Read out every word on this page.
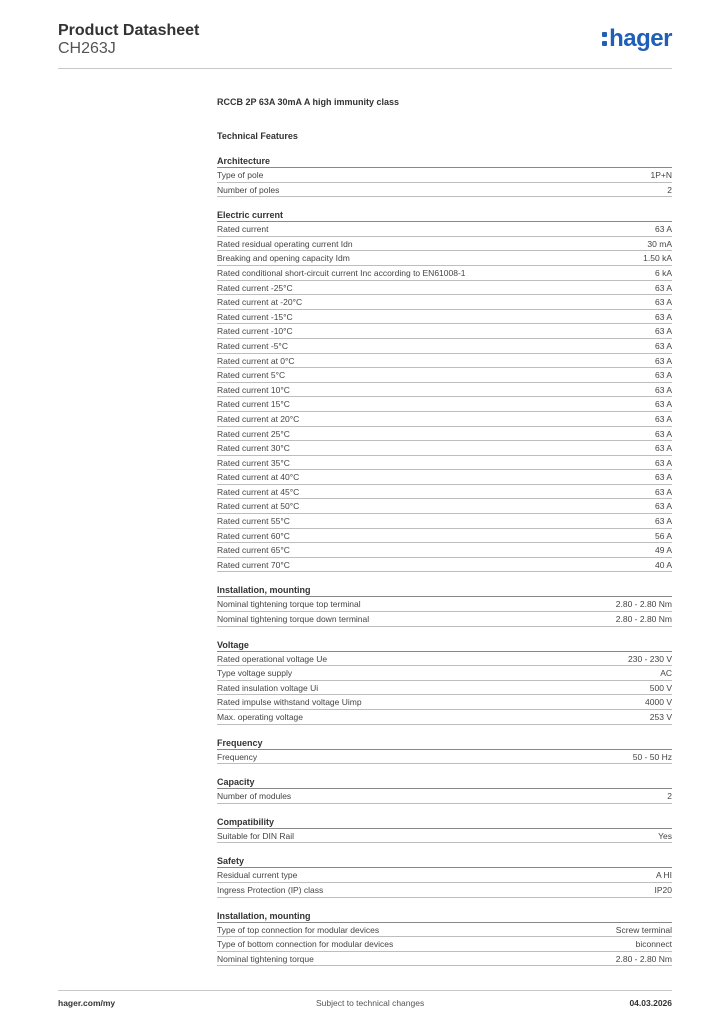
Product Datasheet
CH263J	hager
RCCB 2P 63A 30mA A high immunity class
Technical Features
Architecture
Type of pole	1P+N
Number of poles	2
Electric current
Rated current	63 A
Rated residual operating current Idn	30 mA
Breaking and opening capacity Idm	1.50 kA
Rated conditional short-circuit current Inc according to EN61008-1	6 kA
Rated current -25°C	63 A
Rated current at -20°C	63 A
Rated current -15°C	63 A
Rated current -10°C	63 A
Rated current -5°C	63 A
Rated current at 0°C	63 A
Rated current 5°C	63 A
Rated current 10°C	63 A
Rated current 15°C	63 A
Rated current at 20°C	63 A
Rated current 25°C	63 A
Rated current 30°C	63 A
Rated current 35°C	63 A
Rated current at 40°C	63 A
Rated current at 45°C	63 A
Rated current at 50°C	63 A
Rated current 55°C	63 A
Rated current 60°C	56 A
Rated current 65°C	49 A
Rated current 70°C	40 A
Installation, mounting
Nominal tightening torque top terminal	2.80 - 2.80 Nm
Nominal tightening torque down terminal	2.80 - 2.80 Nm
Voltage
Rated operational voltage Ue	230 - 230 V
Type voltage supply	AC
Rated insulation voltage Ui	500 V
Rated impulse withstand voltage Uimp	4000 V
Max. operating voltage	253 V
Frequency
Frequency	50 - 50 Hz
Capacity
Number of modules	2
Compatibility
Suitable for DIN Rail	Yes
Safety
Residual current type	A HI
Ingress Protection (IP) class	IP20
Installation, mounting
Type of top connection for modular devices	Screw terminal
Type of bottom connection for modular devices	biconnect
Nominal tightening torque	2.80 - 2.80 Nm
hager.com/my	Subject to technical changes	04.03.2026
